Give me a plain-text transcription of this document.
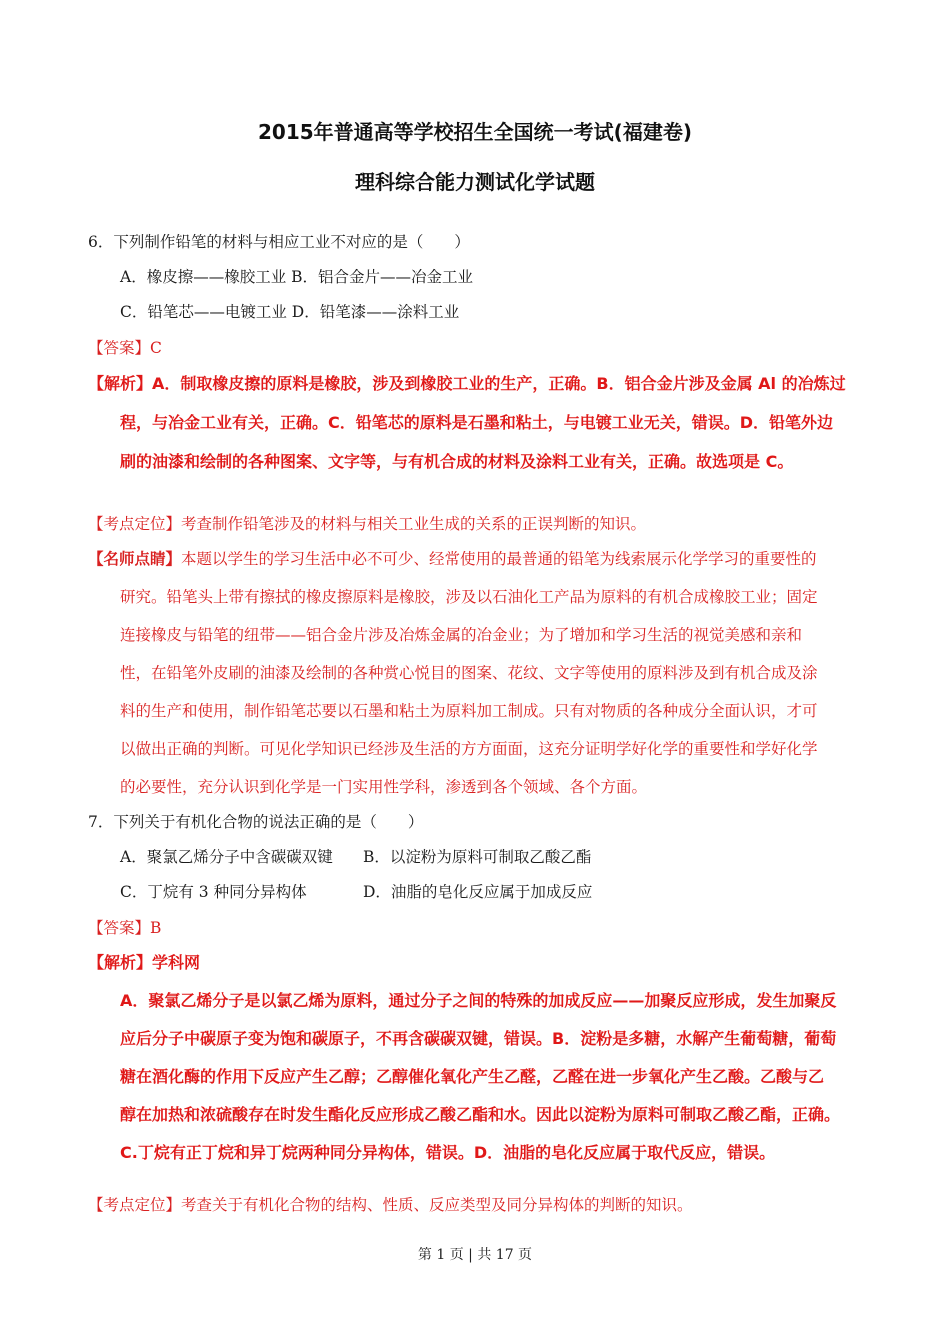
2015年普通高等学校招生全国统一考试(福建卷)
理科综合能力测试化学试题
6．下列制作铅笔的材料与相应工业不对应的是（　　）
A．橡皮擦——橡胶工业 B．铝合金片——冶金工业
C．铅笔芯——电镀工业 D．铅笔漆——涂料工业
【答案】C
【解析】A．制取橡皮擦的原料是橡胶，涉及到橡胶工业的生产，正确。B．铝合金片涉及金属 Al 的冶炼过
程，与冶金工业有关，正确。C．铅笔芯的原料是石墨和粘土，与电镀工业无关，错误。D．铅笔外边
刷的油漆和绘制的各种图案、文字等，与有机合成的材料及涂料工业有关，正确。故选项是 C。
【考点定位】考查制作铅笔涉及的材料与相关工业生成的关系的正误判断的知识。
【名师点睛】本题以学生的学习生活中必不可少、经常使用的最普通的铅笔为线索展示化学学习的重要性的
研究。铅笔头上带有擦拭的橡皮擦原料是橡胶，涉及以石油化工产品为原料的有机合成橡胶工业；固定
连接橡皮与铅笔的纽带——铝合金片涉及冶炼金属的冶金业；为了增加和学习生活的视觉美感和亲和
性，在铅笔外皮刷的油漆及绘制的各种赏心悦目的图案、花纹、文字等使用的原料涉及到有机合成及涂
料的生产和使用，制作铅笔芯要以石墨和粘土为原料加工制成。只有对物质的各种成分全面认识，才可
以做出正确的判断。可见化学知识已经涉及生活的方方面面，这充分证明学好化学的重要性和学好化学
的必要性，充分认识到化学是一门实用性学科，渗透到各个领域、各个方面。
7．下列关于有机化合物的说法正确的是（　　）
A．聚氯乙烯分子中含碳碳双键 B．以淀粉为原料可制取乙酸乙酯
C．丁烷有 3 种同分异构体	D．油脂的皂化反应属于加成反应
【答案】B
【解析】学科网
A．聚氯乙烯分子是以氯乙烯为原料，通过分子之间的特殊的加成反应——加聚反应形成，发生加聚反
应后分子中碳原子变为饱和碳原子，不再含碳碳双键，错误。B．淀粉是多糖，水解产生葡萄糖，葡萄
糖在酒化酶的作用下反应产生乙醇；乙醇催化氧化产生乙醛，乙醛在进一步氧化产生乙酸。乙酸与乙
醇在加热和浓硫酸存在时发生酯化反应形成乙酸乙酯和水。因此以淀粉为原料可制取乙酸乙酯，正确。
C.丁烷有正丁烷和异丁烷两种同分异构体，错误。D．油脂的皂化反应属于取代反应，错误。
【考点定位】考查关于有机化合物的结构、性质、反应类型及同分异构体的判断的知识。
第 1 页 | 共 17 页
